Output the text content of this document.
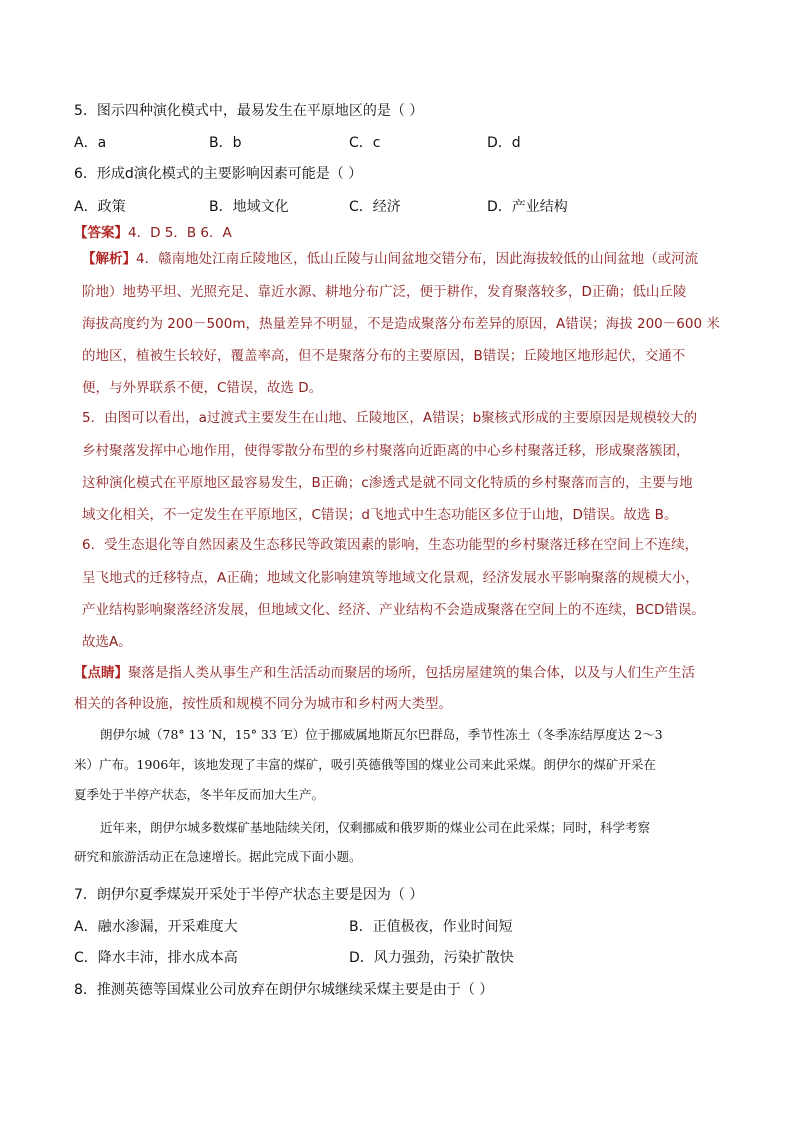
5．图示四种演化模式中，最易发生在平原地区的是（ ）
A．a	B．b	C．c	D．d
6．形成d演化模式的主要影响因素可能是（ ）
A．政策	B．地域文化	C．经济	D．产业结构
【答案】4．D 5．B 6．A
【解析】4．赣南地处江南丘陵地区，低山丘陵与山间盆地交错分布，因此海拔较低的山间盆地（或河流
阶地）地势平坦、光照充足、靠近水源、耕地分布广泛，便于耕作，发育聚落较多，D正确；低山丘陵
海拔高度约为 200－500m，热量差异不明显，不是造成聚落分布差异的原因，A错误；海拔 200－600 米
的地区，植被生长较好，覆盖率高，但不是聚落分布的主要原因，B错误；丘陵地区地形起伏，交通不
便，与外界联系不便，C错误，故选 D。
5．由图可以看出，a过渡式主要发生在山地、丘陵地区，A错误；b聚核式形成的主要原因是规模较大的
乡村聚落发挥中心地作用，使得零散分布型的乡村聚落向近距离的中心乡村聚落迁移，形成聚落簇团，
这种演化模式在平原地区最容易发生，B正确；c渗透式是就不同文化特质的乡村聚落而言的，主要与地
域文化相关，不一定发生在平原地区，C错误；d飞地式中生态功能区多位于山地，D错误。故选 B。
6．受生态退化等自然因素及生态移民等政策因素的影响，生态功能型的乡村聚落迁移在空间上不连续，
呈飞地式的迁移特点，A正确；地域文化影响建筑等地域文化景观，经济发展水平影响聚落的规模大小，
产业结构影响聚落经济发展，但地域文化、经济、产业结构不会造成聚落在空间上的不连续，BCD错误。
故选A。
【点睛】聚落是指人类从事生产和生活活动而聚居的场所，包括房屋建筑的集合体，以及与人们生产生活
相关的各种设施，按性质和规模不同分为城市和乡村两大类型。
朗伊尔城（78° 13 ′N，15° 33 ′E）位于挪威属地斯瓦尔巴群岛，季节性冻土（冬季冻结厚度达 2～3
米）广布。1906年，该地发现了丰富的煤矿，吸引英德俄等国的煤业公司来此采煤。朗伊尔的煤矿开采在
夏季处于半停产状态，冬半年反而加大生产。
近年来，朗伊尔城多数煤矿基地陆续关闭，仅剩挪威和俄罗斯的煤业公司在此采煤；同时，科学考察
研究和旅游活动正在急速增长。据此完成下面小题。
7．朗伊尔夏季煤炭开采处于半停产状态主要是因为（ ）
A．融水渗漏，开采难度大	B．正值极夜，作业时间短
C．降水丰沛，排水成本高	D．风力强劲，污染扩散快
8．推测英德等国煤业公司放弃在朗伊尔城继续采煤主要是由于（ ）
